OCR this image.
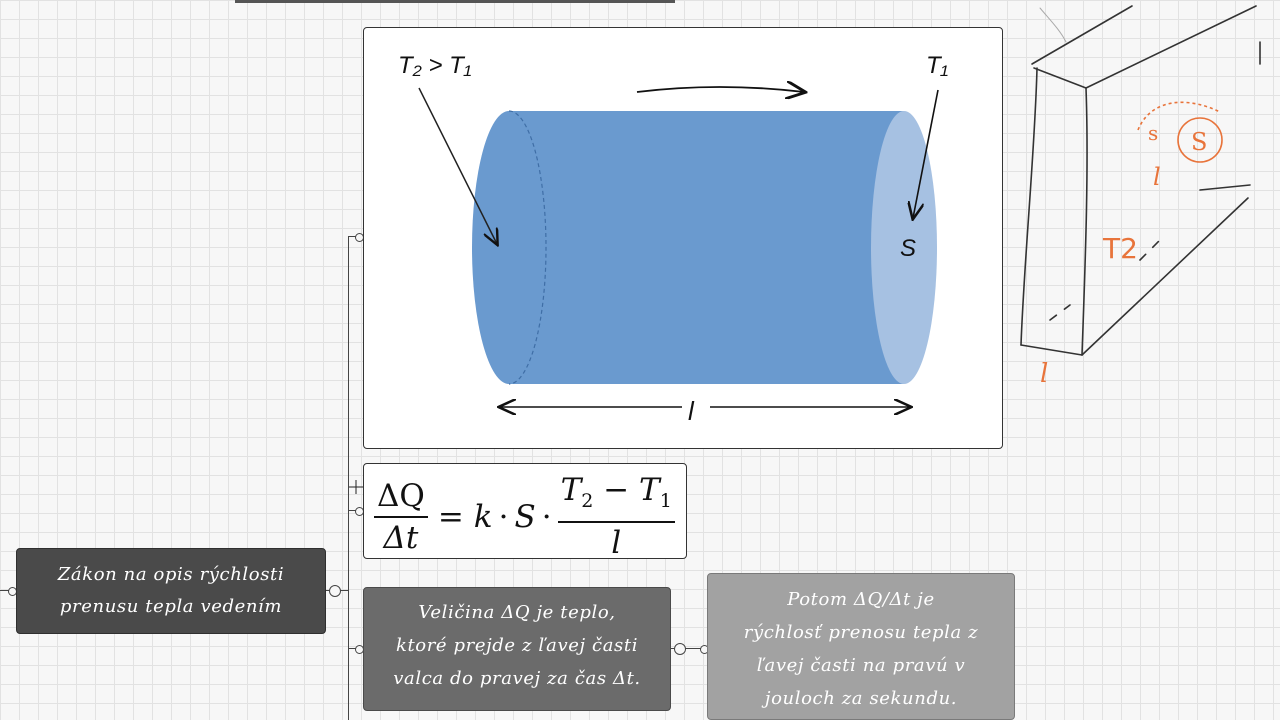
T₂ > T₁	T₁
S
l
$\frac{\Delta Q}{\Delta t} = k \cdot S \cdot \frac{T_2 - T_1}{l}$
Zákon na opis rýchlosti
prenusu tepla vedením	Veličina ΔQ je teplo,
ktoré prejde z ľavej časti
valca do pravej za čas Δt.
Potom ΔQ/Δt je
rýchlosť prenosu tepla z
ľavej časti na pravú v
jouloch za sekundu.
s S
l
T2
l
